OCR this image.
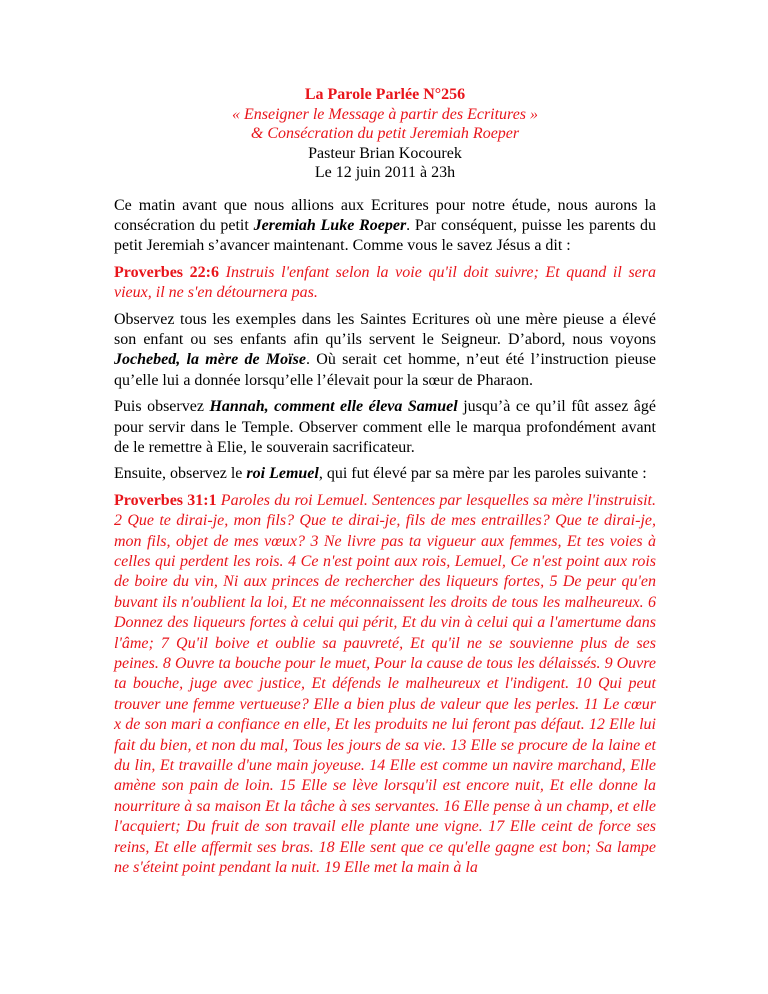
La Parole Parlée N°256
« Enseigner le Message à partir des Ecritures »
& Consécration du petit Jeremiah Roeper
Pasteur Brian Kocourek
Le 12 juin 2011 à 23h

Ce matin avant que nous allions aux Ecritures pour notre étude, nous aurons la consécration du petit Jeremiah Luke Roeper. Par conséquent, puisse les parents du petit Jeremiah s’avancer maintenant. Comme vous le savez Jésus a dit :

Proverbes 22:6 Instruis l'enfant selon la voie qu'il doit suivre; Et quand il sera vieux, il ne s'en détournera pas.

Observez tous les exemples dans les Saintes Ecritures où une mère pieuse a élevé son enfant ou ses enfants afin qu’ils servent le Seigneur. D’abord, nous voyons Jochebed, la mère de Moïse. Où serait cet homme, n’eut été l’instruction pieuse qu’elle lui a donnée lorsqu’elle l’élevait pour la sœur de Pharaon.

Puis observez Hannah, comment elle éleva Samuel jusqu’à ce qu’il fût assez âgé pour servir dans le Temple. Observer comment elle le marqua profondément avant de le remettre à Elie, le souverain sacrificateur.

Ensuite, observez le roi Lemuel, qui fut élevé par sa mère par les paroles suivante :

Proverbes 31:1 Paroles du roi Lemuel. Sentences par lesquelles sa mère l'instruisit. 2 Que te dirai-je, mon fils? Que te dirai-je, fils de mes entrailles? Que te dirai-je, mon fils, objet de mes vœux? 3 Ne livre pas ta vigueur aux femmes, Et tes voies à celles qui perdent les rois. 4 Ce n'est point aux rois, Lemuel, Ce n'est point aux rois de boire du vin, Ni aux princes de rechercher des liqueurs fortes, 5 De peur qu'en buvant ils n'oublient la loi, Et ne méconnaissent les droits de tous les malheureux. 6 Donnez des liqueurs fortes à celui qui périt, Et du vin à celui qui a l'amertume dans l'âme; 7 Qu'il boive et oublie sa pauvreté, Et qu'il ne se souvienne plus de ses peines. 8 Ouvre ta bouche pour le muet, Pour la cause de tous les délaissés. 9 Ouvre ta bouche, juge avec justice, Et défends le malheureux et l'indigent. 10 Qui peut trouver une femme vertueuse? Elle a bien plus de valeur que les perles. 11 Le cœur x de son mari a confiance en elle, Et les produits ne lui feront pas défaut. 12 Elle lui fait du bien, et non du mal, Tous les jours de sa vie. 13 Elle se procure de la laine et du lin, Et travaille d'une main joyeuse. 14 Elle est comme un navire marchand, Elle amène son pain de loin. 15 Elle se lève lorsqu'il est encore nuit, Et elle donne la nourriture à sa maison Et la tâche à ses servantes. 16 Elle pense à un champ, et elle l'acquiert; Du fruit de son travail elle plante une vigne. 17 Elle ceint de force ses reins, Et elle affermit ses bras. 18 Elle sent que ce qu'elle gagne est bon; Sa lampe ne s'éteint point pendant la nuit. 19 Elle met la main à la
